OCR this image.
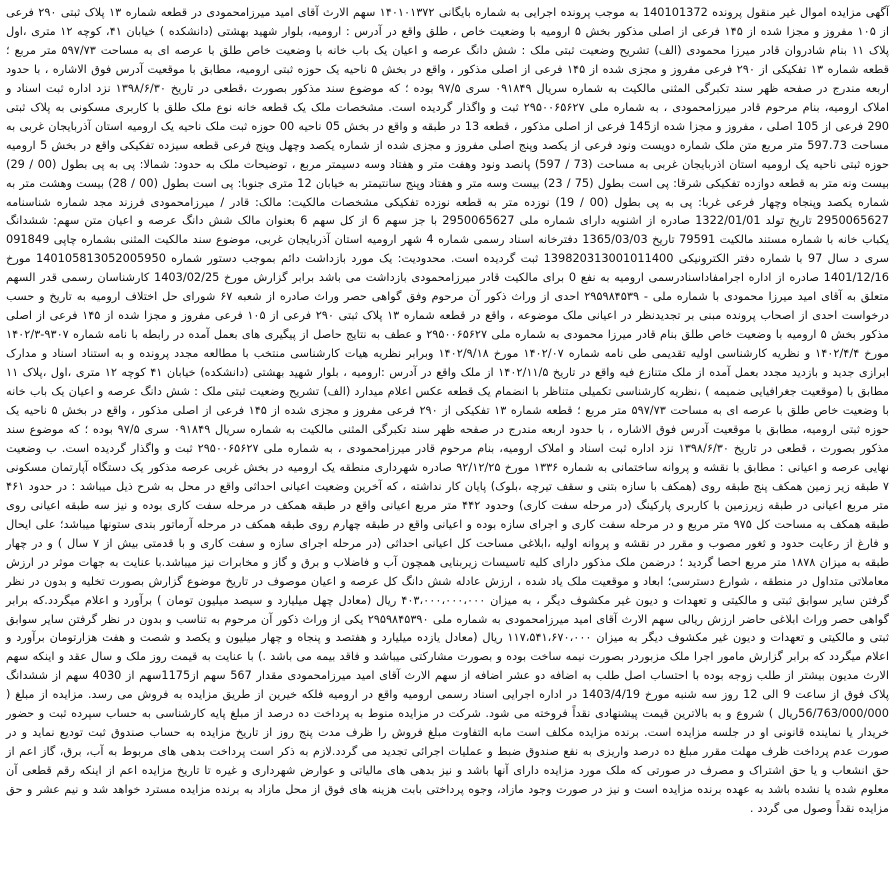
آگهی مزایده اموال غیر منقول پرونده 140101372 به موجب پرونده اجرایی به شماره بایگانی ۱۴۰۱۰۱۳۷۲ سهم الارث آقای امید میرزامحمودی در قطعه شماره ۱۳ پلاک ثبتی ۲۹۰ فرعی از ۱۰۵ مفروز و مجزا شده از ۱۴۵ فرعی از اصلی مذکور بخش ۵ ارومیه با وضعیت خاص ، طلق واقع در آدرس : ارومیه، بلوار شهید بهشتی (دانشکده ) خیابان ۴۱، کوچه ۱۲ متری ،اول پلاک ۱۱ بنام شادروان قادر میرزا محمودی (الف) تشریح وضعیت ثبتی ملک : شش دانگ عرصه و اعیان یک باب خانه با وضعیت خاص طلق با عرصه ای به مساحت ۵۹۷/۷۳ متر مربع ؛ قطعه شماره ۱۳ تفکیکی از ۲۹۰ فرعی مفروز و مجزی شده از ۱۴۵ فرعی از اصلی مذکور ، واقع در بخش ۵ ناحیه یک حوزه ثبتی ارومیه، مطابق با موقعیت آدرس فوق الاشاره ، با حدود اربعه مندرج در صفحه ظهر سند تکبرگی المثنی مالکیت به شماره سریال ۰۹۱۸۴۹ سری ۹۷/۵ بوده ؛ که موضوع سند مذکور بصورت ،قطعی در تاریخ ۱۳۹۸/۶/۳۰ نزد اداره ثبت اسناد و املاک ارومیه، بنام مرحوم قادر میرزامحمودی ، به شماره ملی ۲۹۵۰۰۶۵۶۲۷ ثبت و واگذار گردیده است. مشخصات ملک یک قطعه خانه نوع ملک طلق با کاربری مسکونی به پلاک ثبتی 290 فرعی از 105 اصلی ، مفروز و مجزا شده از145 فرعی از اصلی مذکور ، قطعه 13 در طبقه و واقع در بخش 05 ناحیه 00 حوزه ثبت ملک ناحیه یک ارومیه استان آذربایجان غربی به مساحت 597.73 متر مربع متن ملک شماره دویست ونود فرعی از یکصد وپنج اصلی مفروز و مجزی شده از شماره یکصد وچهل وپنج فرعی قطعه سیزده تفکیکی واقع در بخش 5 ارومیه حوزه ثبتی ناحیه یک ارومیه استان اذربایجان غربی به مساحت (73 / 597) پانصد ونود وهفت متر و هفتاد وسه دسیمتر مربع ، توضیحات ملک به حدود: شمالا: پی به پی بطول (00 / 29) بیست ونه متر به قطعه دوازده تفکیکی شرقا: پی است بطول (75 / 23) بیست وسه متر و هفتاد وپنج سانتیمتر به خیابان 12 متری جنوبا: پی است بطول (00 / 28) بیست وهشت متر به شماره یکصد وپنجاه وچهار فرعی غربا: پی به پی بطول (00 / 19) نوزده متر به قطعه نوزده تفکیکی مشخصات مالکیت: مالک: قادر / میرزامحمودی فرزند مجد شماره شناسنامه 2950065627 تاریخ تولد 1322/01/01 صادره از اشنویه دارای شماره ملی 2950065627 با جز سهم 6 از کل سهم 6 بعنوان مالک شش دانگ عرصه و اعیان متن سهم: ششدانگ یکباب خانه با شماره مستند مالکیت 79591 تاریخ 1365/03/03 دفترخانه اسناد رسمی شماره 4 شهر ارومیه استان آذربایجان غربی، موضوع سند مالکیت المثنی بشماره چاپی 091849 سری د سال 97 با شماره دفتر الکترونیکی 139820313001011400 ثبت گردیده است. محدودیت: یک مورد بازداشت دائم بموجب دستور شماره 140105813052005950 مورخ 1401/12/16 صادره از اداره اجرامفاداسنادرسمی ارومیه به نفع 0 برای مالکیت قادر میرزامحمودی بازداشت می باشد برابر گزارش مورخ 1403/02/25 کارشناسان رسمی قدر السهم متعلق به آقای امید میرزا محمودی با شماره ملی - ۲۹۵۹۸۴۵۳۹ احدی از وراث ذکور آن مرحوم وفق گواهی حصر وراث صادره از شعبه ۶۷ شورای حل اختلاف ارومیه به تاریخ و حسب درخواست احدی از اصحاب پرونده مبنی بر تجدیدنظر در اعیانی ملک موضوعه ، واقع در قطعه شماره ۱۳ پلاک ثبتی ۲۹۰ فرعی از ۱۰۵ فرعی مفروز و مجزا شده از ۱۴۵ فرعی از اصلی مذکور بخش ۵ ارومیه با وضعیت خاص طلق بنام قادر میرزا محمودی به شماره ملی ۲۹۵۰۰۶۵۶۲۷ و عطف به نتایج حاصل از پیگیری های بعمل آمده در رابطه با نامه شماره ۹۳۰۷-۱۴۰۲/۳ مورخ ۱۴۰۲/۴/۴ و نظریه کارشناسی اولیه تقدیمی طی نامه شماره ۱۴۰۲/۰۷ مورخ ۱۴۰۲/۹/۱۸ وبرابر نظریه هیات کارشناسی منتخب با مطالعه مجدد پرونده و به استناد اسناد و مدارک ابرازی جدید و بازدید مجدد بعمل آمده از ملک متنازع فیه واقع در تاریخ ۱۴۰۲/۱۱/۵ از ملک واقع در آدرس :ارومیه ، بلوار شهید بهشتی (دانشکده) خیابان ۴۱ کوچه ۱۲ متری ،اول ،پلاک ۱۱ مطابق با (موقعیت جغرافیایی ضمیمه ) ،نظریه کارشناسی تکمیلی متناظر با انضمام یک قطعه عکس اعلام میدارد (الف) تشریح وضعیت ثبتی ملک : شش دانگ عرصه و اعیان یک باب خانه با وضعیت خاص طلق با عرصه ای به مساحت ۵۹۷/۷۳ متر مربع ؛ قطعه شماره ۱۳ تفکیکی از ۲۹۰ فرعی مفروز و مجزی شده از ۱۴۵ فرعی از اصلی مذکور ، واقع در بخش ۵ ناحیه یک حوزه ثبتی ارومیه، مطابق با موقعیت آدرس فوق الاشاره ، با حدود اربعه مندرج در صفحه ظهر سند تکبرگی المثنی مالکیت به شماره سریال ۰۹۱۸۴۹ سری ۹۷/۵ بوده ؛ که موضوع سند مذکور بصورت ، قطعی در تاریخ ۱۳۹۸/۶/۳۰ نزد اداره ثبت اسناد و املاک ارومیه، بنام مرحوم قادر میرزامحمودی ، به شماره ملی ۲۹۵۰۰۶۵۶۲۷ ثبت و واگذار گردیده است. ب وضعیت نهایی عرصه و اعیانی : مطابق با نقشه و پروانه ساختمانی به شماره ۱۳۳۶ مورخ ۹۲/۱۲/۲۵ صادره شهرداری منطقه یک ارومیه در بخش غربی عرصه مذکور یک دستگاه آپارتمان مسکونی ۷ طبقه زیر زمین همکف پنج طبقه روی (همکف با سازه بتنی و سقف تیرچه ،بلوک) پایان کار نداشته ، که آخرین وضعیت اعیانی احداثی واقع در محل به شرح ذیل میباشد : در حدود ۴۶۱ متر مربع اعیانی در طبقه زیرزمین با کاربری پارکینگ (در مرحله سفت کاری) وحدود ۴۴۲ متر مربع اعیانی واقع در طبقه همکف در مرحله سفت کاری بوده و نیز سه طبقه اعیانی روی طبقه همکف به مساحت کل ۹۷۵ متر مربع و در مرحله سفت کاری و اجرای سازه بوده و اعیانی واقع در طبقه چهارم روی طبقه همکف در مرحله آرماتور بندی ستونها میباشد؛ علی ایحال و فارغ از رعایت حدود و ثغور مصوب و مقرر در نقشه و پروانه اولیه ،ابلاغی مساحت کل اعیانی احداثی (در مرحله اجرای سازه و سفت کاری و با قدمتی بیش از ۷ سال ) و در چهار طبقه به میزان ۱۸۷۸ متر مربع احصا گردید ؛ درضمن ملک مذکور دارای کلیه تاسیسات زیربنایی همچون آب و فاضلاب و برق و گاز و مخابرات نیز میباشد.با عنایت به جهات موثر در ارزش معاملاتی متداول در منطقه ، شوارع دسترسی؛ ابعاد و موقعیت ملک یاد شده ، ارزش عادله شش دانگ کل عرصه و اعیان موصوف در تاریخ موضوع گزارش بصورت تخلیه و بدون در نظر گرفتن سایر سوابق ثبتی و مالکیتی و تعهدات و دیون غیر مکشوف دیگر ، به میزان ۴۰۳،۰۰۰،۰۰۰،۰۰۰ ریال (معادل چهل میلیارد و سیصد میلیون تومان ) برآورد و اعلام میگردد.که برابر گواهی حصر وراث ابلاغی حاضر ارزش ریالی سهم الارث آقای امید میرزامحمودی به شماره ملی ۲۹۵۹۸۴۵۳۹۰ یکی از وراث ذکور آن مرحوم به تناسب و بدون در نظر گرفتن سایر سوابق ثبتی و مالکیتی و تعهدات و دیون غیر مکشوف دیگر به میزان ۱۱۷،۵۴۱،۶۷۰،۰۰۰ ریال (معادل یازده میلیارد و هفتصد و پنجاه و چهار میلیون و یکصد و شصت و هفت هزارتومان برآورد و اعلام میگردد که برابر گزارش مامور اجرا ملک مزبوردر بصورت نیمه ساخت بوده و بصورت مشارکتی میباشد و فاقد بیمه می باشد .) با عنایت به قیمت روز ملک و سال عقد و اینکه سهم الارث مدیون بیشتر از طلب زوجه بوده با احتساب اصل طلب به اضافه دو عشر اضافه از سهم الارث آقای امید میرزامحمودی مقدار 567 سهم از1175سهم از 4030 سهم از ششدانگ پلاک فوق از ساعت 9 الی 12 روز سه شنبه مورخ 1403/4/19 در اداره اجرایی اسناد رسمی ارومیه واقع در ارومیه فلکه خیرین از طریق مزایده به فروش می رسد. مزایده از مبلغ ( 56/763/000/000ریال ) شروع و به بالاترین قیمت پیشنهادی نقداً فروخته می شود. شرکت در مزایده منوط به پرداخت ده درصد از مبلغ پایه کارشناسی به حساب سپرده ثبت و حضور خریدار یا نماینده قانونی او در جلسه مزایده است. برنده مزایده مکلف است مابه التفاوت مبلغ فروش را ظرف مدت پنج روز از تاریخ مزایده به حساب صندوق ثبت تودیع نماید و در صورت عدم پرداخت ظرف مهلت مقرر مبلغ ده درصد واریزی به نفع صندوق ضبط و عملیات اجرائی تجدید می گردد.لازم به ذکر است پرداخت بدهی های مربوط به آب، برق، گاز اعم از حق انشعاب و یا حق اشتراک و مصرف در صورتی که ملک مورد مزایده دارای آنها باشد و نیز بدهی های مالیاتی و عوارض شهرداری و غیره تا تاریخ مزایده اعم از اینکه رقم قطعی آن معلوم شده یا نشده باشد به عهده برنده مزایده است و نیز در صورت وجود مازاد، وجوه پرداختی بابت هزینه های فوق از محل مازاد به برنده مزایده مسترد خواهد شد و نیم عشر و حق مزایده نقداً وصول می گردد .
